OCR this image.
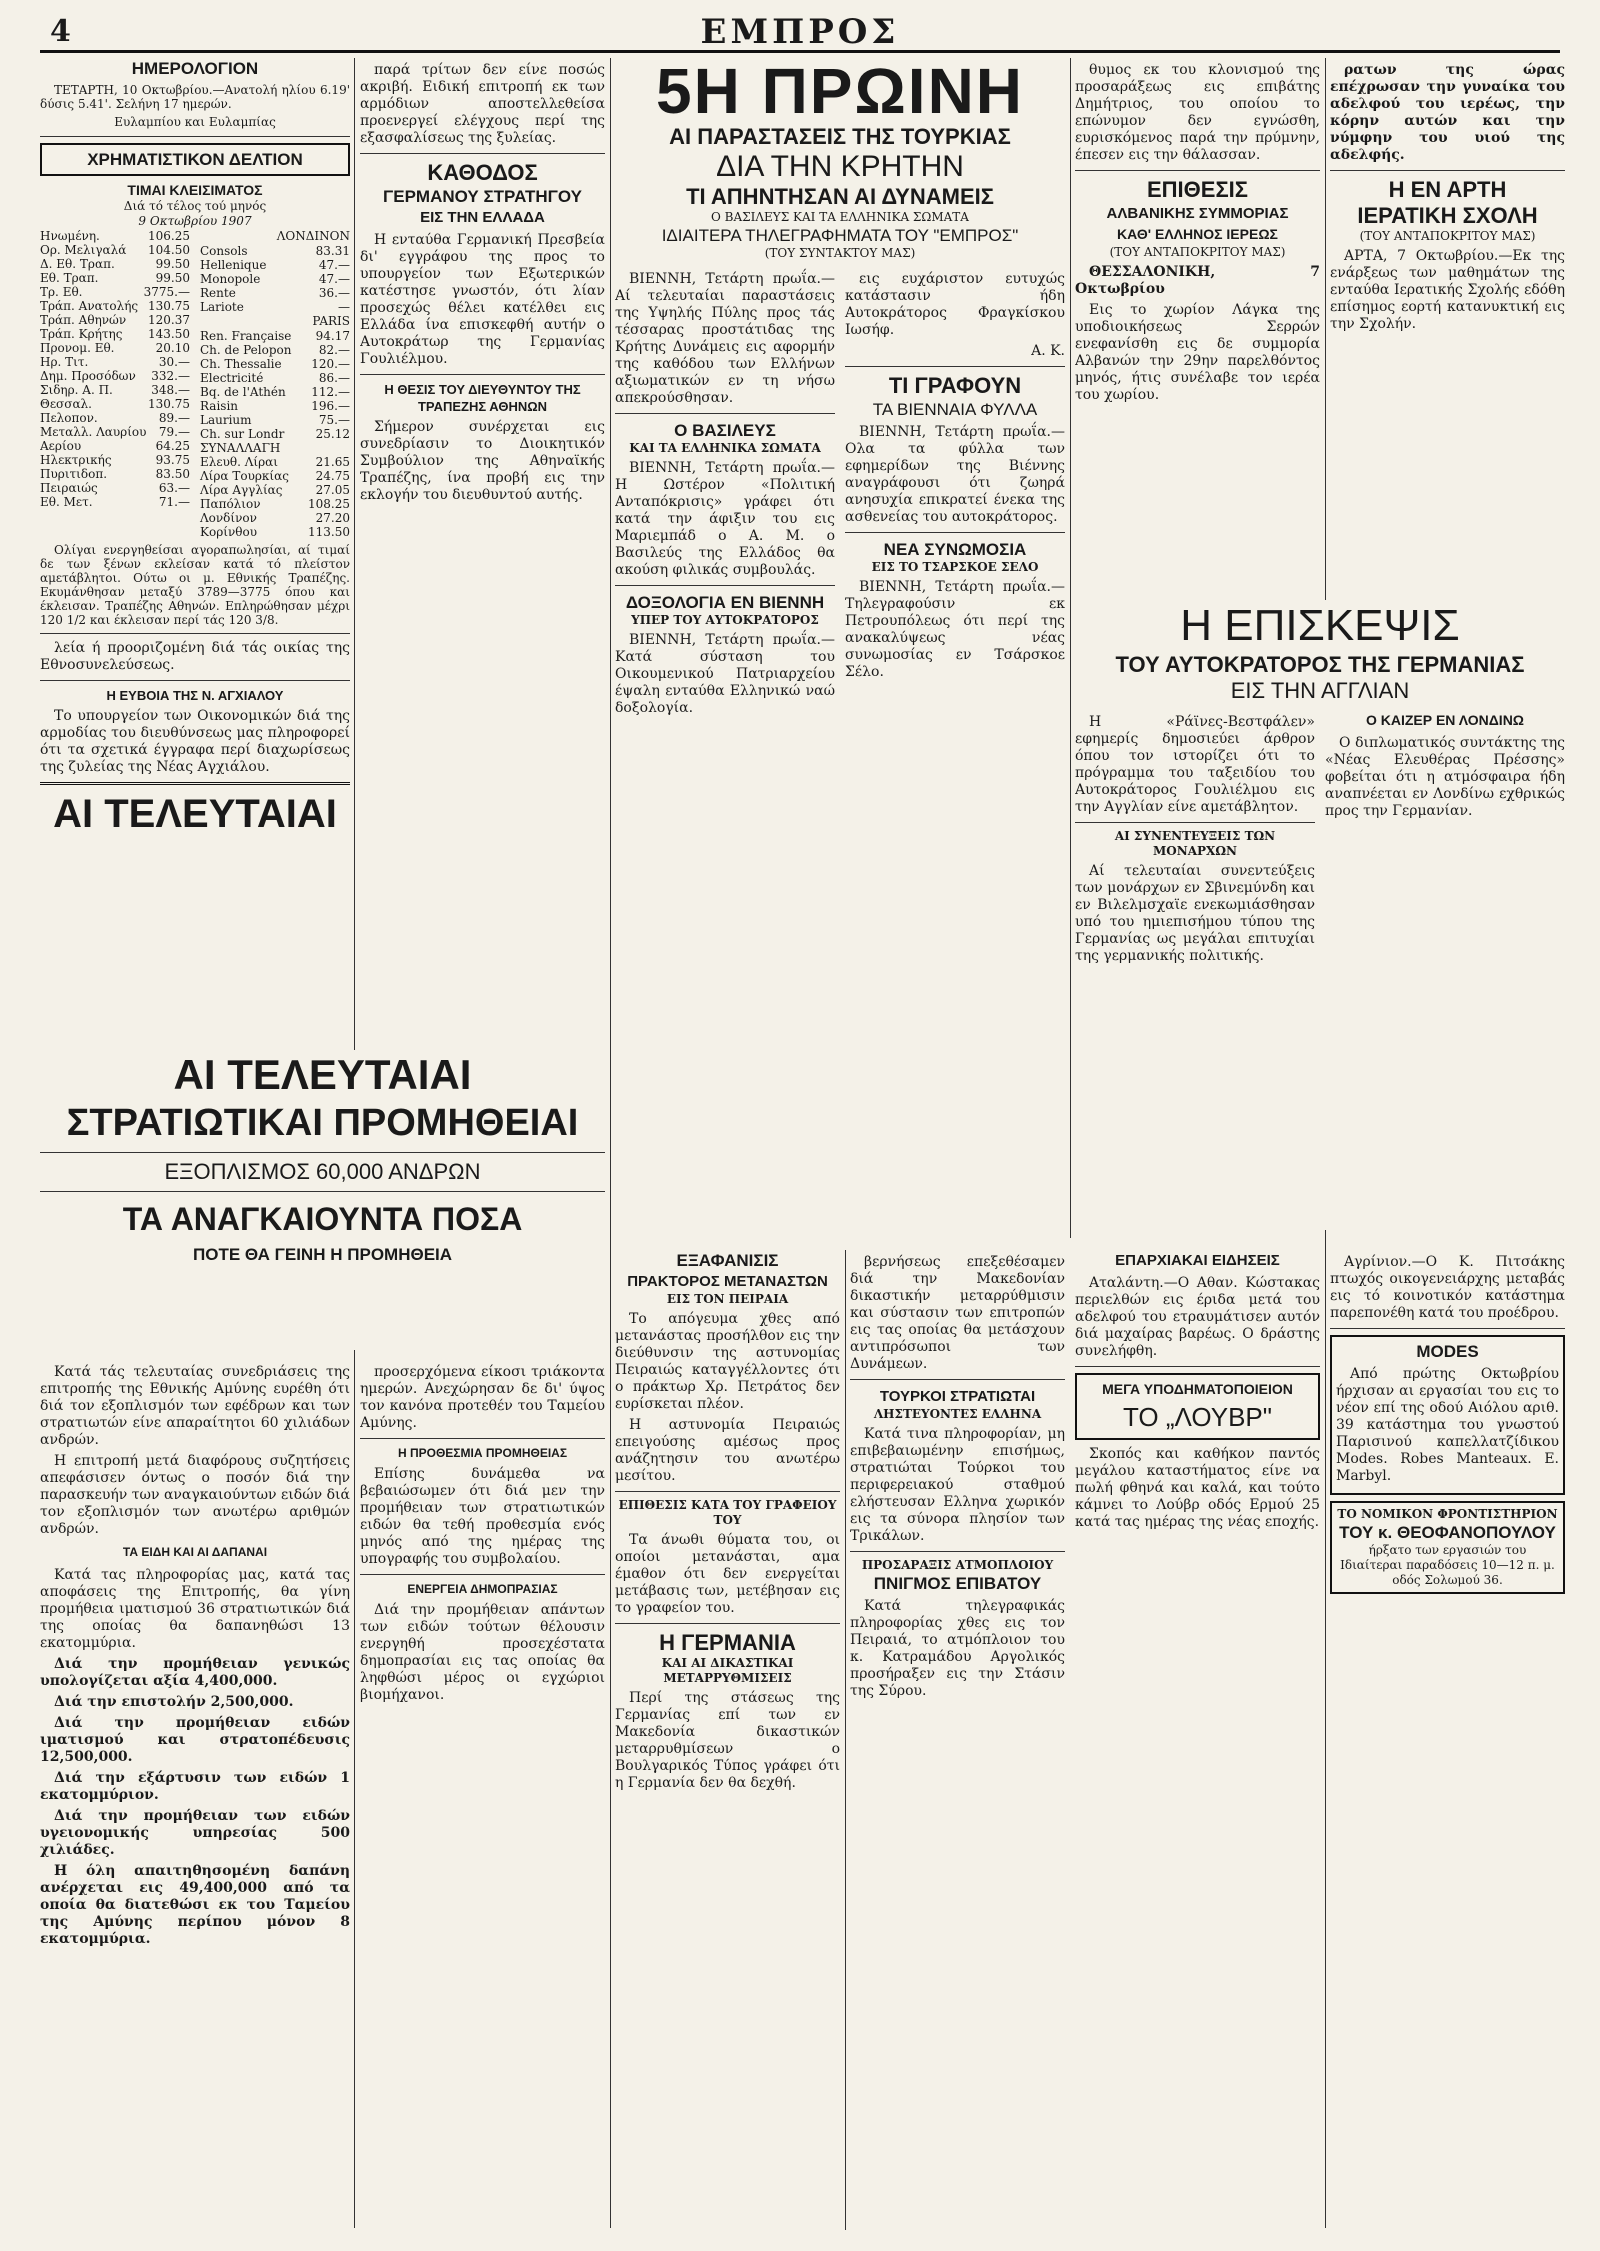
4	ΕΜΠΡΟΣ
ΗΜΕΡΟΛΟΓΙΟΝ
ΤΕΤΑΡΤΗ, 10 Οκτωβρίου.—Ανατολή ηλίου 6.19' δύσις 5.41'. Σελήνη 17 ημερών.
Ευλαμπίου και Ευλαμπίας
ΧΡΗΜΑΤΙΣΤΙΚΟΝ ΔΕΛΤΙΟΝ
ΤΙΜΑΙ ΚΛΕΙΣΙΜΑΤΟΣ
Διά τό τέλος τού μηνός
9 Οκτωβρίου 1907
Ηνωμένη.	106.25
Ορ. Μελιγαλά 104.50
Δ. Εθ. Τραπ.	99.50
Εθ. Τραπ.	99.50
Τρ. Εθ.	3775.—
Τράπ. Ανατολής 130.75
Τράπ. Αθηνών 120.37
Τράπ. Κρήτης 143.50
Προνομ. Εθ.	20.10
Ηρ. Τιτ.	30.—
Δημ. Προσόδων 332.—
Σιδηρ. Α. Π.	348.—
Θεσσαλ.	130.75
Πελοπον.	89.—
Μεταλλ. Λαυρίου 79.—
Αερίου	64.25
Ηλεκτρικής	93.75
Πυριτιδοπ.	83.50
Πειραιώς	63.—
Εθ. Μετ.	71.—
ΛΟΝΔΙΝΟΝ
Consols	83.31
Hellenique	47.—
Monopole	47.—
Rente	36.—
Lariote	—
PARIS
Ren. Française 94.17
Ch. de Pelopon 82.—
Ch. Thessalie 120.—
Electricité	86.—
Bq. de l'Athén 112.—
Raisin	196.—
Laurium	75.—
Ch. sur Londr	25.12
ΣΥΝΑΛΛΑΓΗ
Ελευθ. Λίραι	21.65
Λίρα Τουρκίας 24.75
Λίρα Αγγλίας	27.05
Παπόλιον	108.25
Λονδίνον	27.20
Κορίνθου	113.50
Ολίγαι ενεργηθείσαι αγοραπωλησίαι, αί τιμαί δε των ξένων εκλείσαν κατά τό πλείστον αμετάβλητοι. Ούτω οι μ. Εθνικής Τραπέζης. Εκυμάνθησαν μεταξύ 3789—3775 όπου και έκλεισαν. Τραπέζης Αθηνών. Επληρώθησαν μέχρι 120 1/2 και έκλεισαν περί τάς 120 3/8.
λεία ή προοριζομένη διά τάς οικίας της Εθνοσυνελεύσεως.
Η ΕΥΒΟΙΑ ΤΗΣ Ν. ΑΓΧΙΑΛΟΥ
Το υπουργείον των Οικονομικών διά της αρμοδίας του διευθύνσεως μας πληροφορεί ότι τα σχετικά έγγραφα περί διαχωρίσεως της ζυλείας της Νέας Αγχιάλου.
ΑΙ ΤΕΛΕΥΤΑΙΑΙ
ΑΙ ΤΕΛΕΥΤΑΙΑΙ
ΣΤΡΑΤΙΩΤΙΚΑΙ ΠΡΟΜΗΘΕΙΑΙ
ΕΞΟΠΛΙΣΜΟΣ 60,000 ΑΝΔΡΩΝ
ΤΑ ΑΝΑΓΚΑΙΟΥΝΤΑ ΠΟΣΑ
ΠΟΤΕ ΘΑ ΓΕΙΝΗ Η ΠΡΟΜΗΘΕΙΑ
Κατά τάς τελευταίας συνεδριάσεις της επιτροπής της Εθνικής Αμύνης ευρέθη ότι διά τον εξοπλισμόν των εφέδρων και των στρατιωτών είνε απαραίτητοι 60 χιλιάδων ανδρών.
Η επιτροπή μετά διαφόρους συζητήσεις απεφάσισεν όντως ο ποσόν διά την παρασκευήν των αναγκαιούντων ειδών διά τον εξοπλισμόν των ανωτέρω αριθμών ανδρών.
ΤΑ ΕΙΔΗ ΚΑΙ ΑΙ ΔΑΠΑΝΑΙ
Κατά τας πληροφορίας μας, κατά τας αποφάσεις της Επιτροπής, θα γίνη προμήθεια ιματισμού 36 στρατιωτικών διά της οποίας θα δαπανηθώσι 13 εκατομμύρια.
Διά την προμήθειαν γενικώς υπολογίζεται αξία 4,400,000.
Διά την επιστολήν 2,500,000.
Διά την προμήθειαν ειδών ιματισμού και στρατοπέδευσις 12,500,000.
Διά την εξάρτυσιν των ειδών 1 εκατομμύριον.
Διά την προμήθειαν των ειδών υγειονομικής υπηρεσίας 500 χιλιάδες.
Η όλη απαιτηθησομένη δαπάνη ανέρχεται εις 49,400,000 από τα οποία θα διατεθώσι εκ του Ταμείου της Αμύνης περίπου μόνον 8 εκατομμύρια.
παρά τρίτων δεν είνε ποσώς ακριβή. Ειδική επιτροπή εκ των αρμόδιων αποστελλεθείσα προενεργεί ελέγχους περί της εξασφαλίσεως της ξυλείας.
ΚΑΘΟΔΟΣ
ΓΕΡΜΑΝΟΥ ΣΤΡΑΤΗΓΟΥ
ΕΙΣ ΤΗΝ ΕΛΛΑΔΑ
Η ενταύθα Γερμανική Πρεσβεία δι' εγγράφου της προς το υπουργείον των Εξωτερικών κατέστησε γνωστόν, ότι λίαν προσεχώς θέλει κατέλθει εις Ελλάδα ίνα επισκεφθή αυτήν ο Αυτοκράτωρ της Γερμανίας Γουλιέλμου.
Η ΘΕΣΙΣ ΤΟΥ ΔΙΕΥΘΥΝΤΟΥ ΤΗΣ ΤΡΑΠΕΖΗΣ ΑΘΗΝΩΝ
Σήμερον συνέρχεται εις συνεδρίασιν το Διοικητικόν Συμβούλιον της Αθηναϊκής Τραπέζης, ίνα προβή εις την εκλογήν του διευθυντού αυτής.
προσερχόμενα είκοσι τριάκοντα ημερών. Ανεχώρησαν δε δι' ύψος τον κανόνα προτεθέν του Ταμείου Αμύνης.
Η ΠΡΟΘΕΣΜΙΑ ΠΡΟΜΗΘΕΙΑΣ
Επίσης δυνάμεθα να βεβαιώσωμεν ότι διά μεν την προμήθειαν των στρατιωτικών ειδών θα τεθή προθεσμία ενός μηνός από της ημέρας της υπογραφής του συμβολαίου.
ΕΝΕΡΓΕΙΑ ΔΗΜΟΠΡΑΣΙΑΣ
Διά την προμήθειαν απάντων των ειδών τούτων θέλουσιν ενεργηθή προσεχέστατα δημοπρασίαι εις τας οποίας θα ληφθώσι μέρος οι εγχώριοι βιομήχανοι.
5Η ΠΡΩΙΝΗ
ΑΙ ΠΑΡΑΣΤΑΣΕΙΣ ΤΗΣ ΤΟΥΡΚΙΑΣ
ΔΙΑ ΤΗΝ ΚΡΗΤΗΝ
ΤΙ ΑΠΗΝΤΗΣΑΝ ΑΙ ΔΥΝΑΜΕΙΣ
Ο ΒΑΣΙΛΕΥΣ ΚΑΙ ΤΑ ΕΛΛΗΝΙΚΑ ΣΩΜΑΤΑ
ΙΔΙΑΙΤΕΡΑ ΤΗΛΕΓΡΑΦΗΜΑΤΑ ΤΟΥ "ΕΜΠΡΟΣ"
(ΤΟΥ ΣΥΝΤΑΚΤΟΥ ΜΑΣ)
ΒΙΕΝΝΗ, Τετάρτη πρωΐα.—Αί τελευταίαι παραστάσεις της Υψηλής Πύλης προς τάς τέσσαρας προστάτιδας της Κρήτης Δυνάμεις εις αφορμήν της καθόδου των Ελλήνων αξιωματικών εν τη νήσω απεκρούσθησαν.
Ο ΒΑΣΙΛΕΥΣ
ΚΑΙ ΤΑ ΕΛΛΗΝΙΚΑ ΣΩΜΑΤΑ
ΒΙΕΝΝΗ, Τετάρτη πρωΐα.—Η Ωστέρον «Πολιτική Ανταπόκρισις» γράφει ότι κατά την άφιξιν του εις Μαριεμπάδ ο Α. Μ. ο Βασιλεύς της Ελλάδος θα ακούση φιλικάς συμβουλάς.
ΔΟΞΟΛΟΓΙΑ ΕΝ ΒΙΕΝΝΗ
ΥΠΕΡ ΤΟΥ ΑΥΤΟΚΡΑΤΟΡΟΣ
ΒΙΕΝΝΗ, Τετάρτη πρωΐα.—Κατά σύσταση του Οικουμενικού Πατριαρχείου έψαλη ενταύθα Ελληνικώ ναώ δοξολογία.
εις ευχάριστον ευτυχώς κατάστασιν ήδη Αυτοκράτορος Φραγκίσκου Ιωσήφ.
Α. Κ.
ΤΙ ΓΡΑΦΟΥΝ
ΤΑ ΒΙΕΝΝΑΙΑ ΦΥΛΛΑ
ΒΙΕΝΝΗ, Τετάρτη πρωΐα.—Ολα τα φύλλα των εφημερίδων της Βιέννης αναγράφουσι ότι ζωηρά ανησυχία επικρατεί ένεκα της ασθενείας του αυτοκράτορος.
ΝΕΑ ΣΥΝΩΜΟΣΙΑ
ΕΙΣ ΤΟ ΤΣΑΡΣΚΟΕ ΣΕΛΟ
ΒΙΕΝΝΗ, Τετάρτη πρωΐα.—Τηλεγραφούσιν εκ Πετρουπόλεως ότι περί της ανακαλύψεως νέας συνωμοσίας εν Τσάρσκοε Σέλο.
ΕΞΑΦΑΝΙΣΙΣ
ΠΡΑΚΤΟΡΟΣ ΜΕΤΑΝΑΣΤΩΝ
ΕΙΣ ΤΟΝ ΠΕΙΡΑΙΑ
Το απόγευμα χθες από μετανάστας προσήλθον εις την διεύθυνσιν της αστυνομίας Πειραιώς καταγγέλλοντες ότι ο πράκτωρ Χρ. Πετράτος δεν ευρίσκεται πλέον.
Η αστυνομία Πειραιώς επειγούσης αμέσως προς ανάζητησιν του ανωτέρω μεσίτου.
ΕΠΙΘΕΣΙΣ ΚΑΤΑ ΤΟΥ ΓΡΑΦΕΙΟΥ ΤΟΥ
Τα άνωθι θύματα του, οι οποίοι μετανάσται, αμα έμαθον ότι δεν ενεργείται μετάβασις των, μετέβησαν εις το γραφείον του.
Η ΓΕΡΜΑΝΙΑ
ΚΑΙ ΑΙ ΔΙΚΑΣΤΙΚΑΙ ΜΕΤΑΡΡΥΘΜΙΣΕΙΣ
Περί της στάσεως της Γερμανίας επί των εν Μακεδονία δικαστικών μεταρρυθμίσεων ο Βουλγαρικός Τύπος γράφει ότι η Γερμανία δεν θα δεχθή.
βερνήσεως επεξεθέσαμεν διά την Μακεδονίαν δικαστικήν μεταρρύθμισιν και σύστασιν των επιτροπών εις τας οποίας θα μετάσχουν αντιπρόσωποι των Δυνάμεων.
ΤΟΥΡΚΟΙ ΣΤΡΑΤΙΩΤΑΙ
ΛΗΣΤΕΥΟΝΤΕΣ ΕΛΛΗΝΑ
Κατά τινα πληροφορίαν, μη επιβεβαιωμένην επισήμως, στρατιώται Τούρκοι του περιφερειακού σταθμού ελήστευσαν Ελληνα χωρικόν εις τα σύνορα πλησίον των Τρικάλων.
ΠΡΟΣΑΡΑΞΙΣ ΑΤΜΟΠΛΟΙΟΥ
ΠΝΙΓΜΟΣ ΕΠΙΒΑΤΟΥ
Κατά τηλεγραφικάς πληροφορίας χθες εις τον Πειραιά, το ατμόπλοιον του κ. Κατραμάδου Αργολικός προσήραξεν εις την Στάσιν της Σύρου.
θυμος εκ του κλονισμού της προσαράξεως εις επιβάτης Δημήτριος, του οποίου το επώνυμον δεν εγνώσθη, ευρισκόμενος παρά την πρύμνην, έπεσεν εις την θάλασσαν.
ΕΠΙΘΕΣΙΣ
ΑΛΒΑΝΙΚΗΣ ΣΥΜΜΟΡΙΑΣ
ΚΑΘ' ΕΛΛΗΝΟΣ ΙΕΡΕΩΣ
(ΤΟΥ ΑΝΤΑΠΟΚΡΙΤΟΥ ΜΑΣ)
ΘΕΣΣΑΛΟΝΙΚΗ, 7 Οκτωβρίου
Εις το χωρίον Λάγκα της υποδιοικήσεως Σερρών ενεφανίσθη εις δε συμμορία Αλβανών την 29ην παρελθόντος μηνός, ήτις συνέλαβε τον ιερέα του χωρίου.
Η ΕΠΙΣΚΕΨΙΣ
ΤΟΥ ΑΥΤΟΚΡΑΤΟΡΟΣ ΤΗΣ ΓΕΡΜΑΝΙΑΣ
ΕΙΣ ΤΗΝ ΑΓΓΛΙΑΝ
Η «Ράϊνες-Βεστφάλεν» εφημερίς δημοσιεύει άρθρον όπου τον ιστορίζει ότι το πρόγραμμα του ταξειδίου του Αυτοκράτορος Γουλιέλμου εις την Αγγλίαν είνε αμετάβλητον.
ΑΙ ΣΥΝΕΝΤΕΥΞΕΙΣ ΤΩΝ ΜΟΝΑΡΧΩΝ
Αί τελευταίαι συνεντεύξεις των μονάρχων εν Σβινεμύνδη και εν Βιλελμσχαϊε ενεκωμιάσθησαν υπό του ημιεπισήμου τύπου της Γερμανίας ως μεγάλαι επιτυχίαι της γερμανικής πολιτικής.
Ο ΚΑΙΖΕΡ ΕΝ ΛΟΝΔΙΝΩ
Ο διπλωματικός συντάκτης της «Νέας Ελευθέρας Πρέσσης» φοβείται ότι η ατμόσφαιρα ήδη αναπνέεται εν Λονδίνω εχθρικώς προς την Γερμανίαν.
ρατων της ώρας επέχρωσαν την γυναίκα του αδελφού του ιερέως, την κόρην αυτών και την νύμφην του υιού της αδελφής.
Η ΕΝ ΑΡΤΗ
ΙΕΡΑΤΙΚΗ ΣΧΟΛΗ
(ΤΟΥ ΑΝΤΑΠΟΚΡΙΤΟΥ ΜΑΣ)
ΑΡΤΑ, 7 Οκτωβρίου.—Εκ της ενάρξεως των μαθημάτων της ενταύθα Ιερατικής Σχολής εδόθη επίσημος εορτή κατανυκτική εις την Σχολήν.
ΕΠΑΡΧΙΑΚΑΙ ΕΙΔΗΣΕΙΣ
Αταλάντη.—Ο Αθαν. Κώστακας περιελθών εις έριδα μετά του αδελφού του ετραυμάτισεν αυτόν διά μαχαίρας βαρέως. Ο δράστης συνελήφθη.
ΜΕΓΑ ΥΠΟΔΗΜΑΤΟΠΟΙΕΙΟΝ
ΤΟ „ΛΟΥΒΡ"
Σκοπός και καθήκον παντός μεγάλου καταστήματος είνε να πωλή φθηνά και καλά, και τούτο κάμνει το Λούβρ οδός Ερμού 25 κατά τας ημέρας της νέας εποχής.
Αγρίνιον.—Ο Κ. Πιτσάκης πτωχός οικογενειάρχης μεταβάς εις τό κοινοτικόν κατάστημα παρεπονέθη κατά του προέδρου.
MODES
Από πρώτης Οκτωβρίου ήρχισαν αι εργασίαι του εις το νέον επί της οδού Αιόλου αριθ. 39 κατάστημα του γνωστού Παρισινού καπελλατζίδικου Modes. Robes Manteaux. E. Marbyl.
ΤΟ ΝΟΜΙΚΟΝ ΦΡΟΝΤΙΣΤΗΡΙΟΝ
ΤΟΥ κ. ΘΕΟΦΑΝΟΠΟΥΛΟΥ
ήρξατο των εργασιών του
Ιδιαίτεραι παραδόσεις 10—12 π. μ. οδός Σολωμού 36.
